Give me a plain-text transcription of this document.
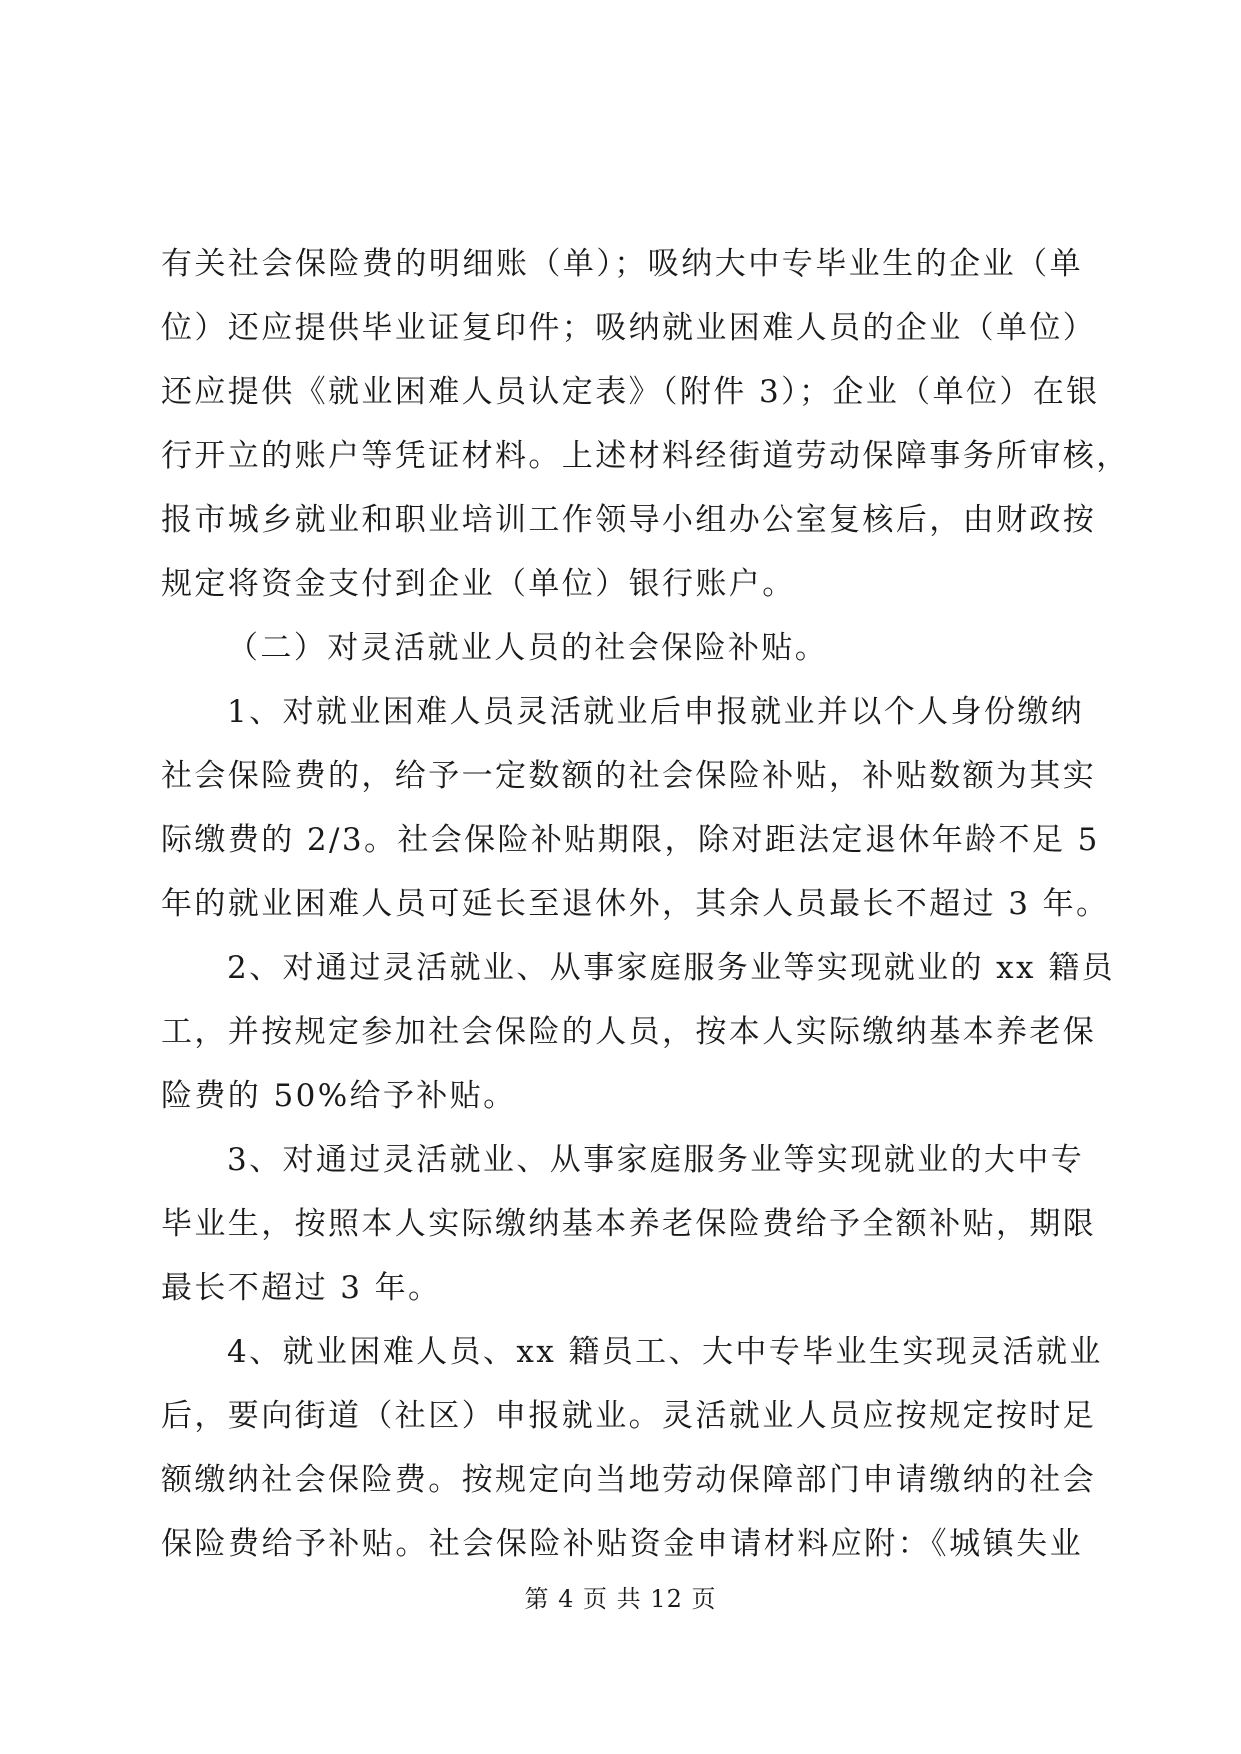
有关社会保险费的明细账（单）；吸纳大中专毕业生的企业（单
位）还应提供毕业证复印件；吸纳就业困难人员的企业（单位）
还应提供《就业困难人员认定表》（附件 3）；企业（单位）在银
行开立的账户等凭证材料。上述材料经街道劳动保障事务所审核，
报市城乡就业和职业培训工作领导小组办公室复核后，由财政按
规定将资金支付到企业（单位）银行账户。
（二）对灵活就业人员的社会保险补贴。
1、对就业困难人员灵活就业后申报就业并以个人身份缴纳
社会保险费的，给予一定数额的社会保险补贴，补贴数额为其实
际缴费的 2/3。社会保险补贴期限，除对距法定退休年龄不足 5
年的就业困难人员可延长至退休外，其余人员最长不超过 3 年。
2、对通过灵活就业、从事家庭服务业等实现就业的 xx 籍员
工，并按规定参加社会保险的人员，按本人实际缴纳基本养老保
险费的 50%给予补贴。
3、对通过灵活就业、从事家庭服务业等实现就业的大中专
毕业生，按照本人实际缴纳基本养老保险费给予全额补贴，期限
最长不超过 3 年。
4、就业困难人员、xx 籍员工、大中专毕业生实现灵活就业
后，要向街道（社区）申报就业。灵活就业人员应按规定按时足
额缴纳社会保险费。按规定向当地劳动保障部门申请缴纳的社会
保险费给予补贴。社会保险补贴资金申请材料应附：《城镇失业
第 4 页 共 12 页
